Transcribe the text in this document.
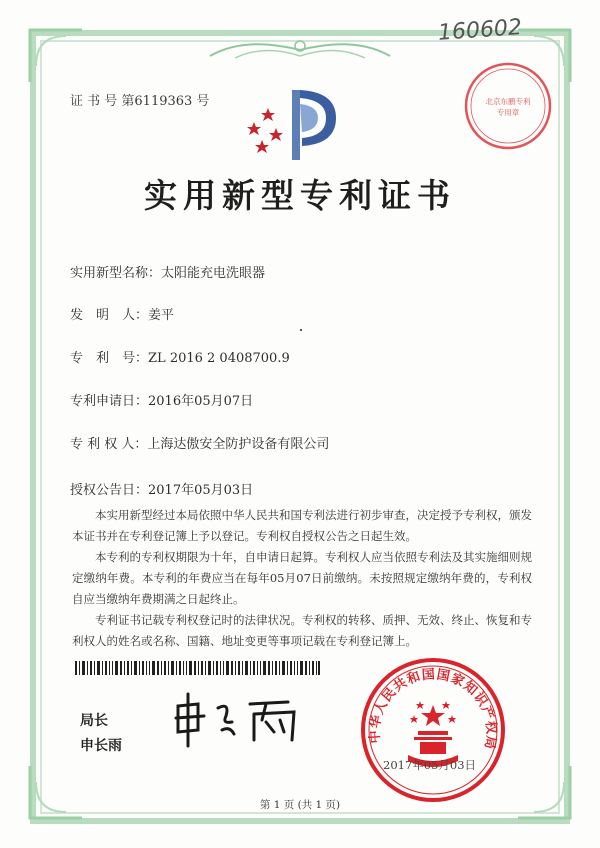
160602
证 书 号 第6119363 号	北京东鹏专利
专用章
实用新型专利证书
实用新型名称：太阳能充电洗眼器
发　明　人：姜平
专　利　号：ZL 2016 2 0408700.9
专利申请日：2016年05月07日
专 利 权 人：上海达傲安全防护设备有限公司
授权公告日：2017年05月03日

本实用新型经过本局依照中华人民共和国专利法进行初步审查，决定授予专利权，颁发本证书并在专利登记簿上予以登记。专利权自授权公告之日起生效。

本专利的专利权期限为十年，自申请日起算。专利权人应当依照专利法及其实施细则规定缴纳年费。本专利的年费应当在每年05月07日前缴纳。未按照规定缴纳年费的，专利权自应当缴纳年费期满之日起终止。

专利证书记载专利权登记时的法律状况。专利权的转移、质押、无效、终止、恢复和专利权人的姓名或名称、国籍、地址变更等事项记载在专利登记簿上。

局长
申长雨
中华人民共和国国家知识产权局
2017年05月03日
第 1 页 (共 1 页)
